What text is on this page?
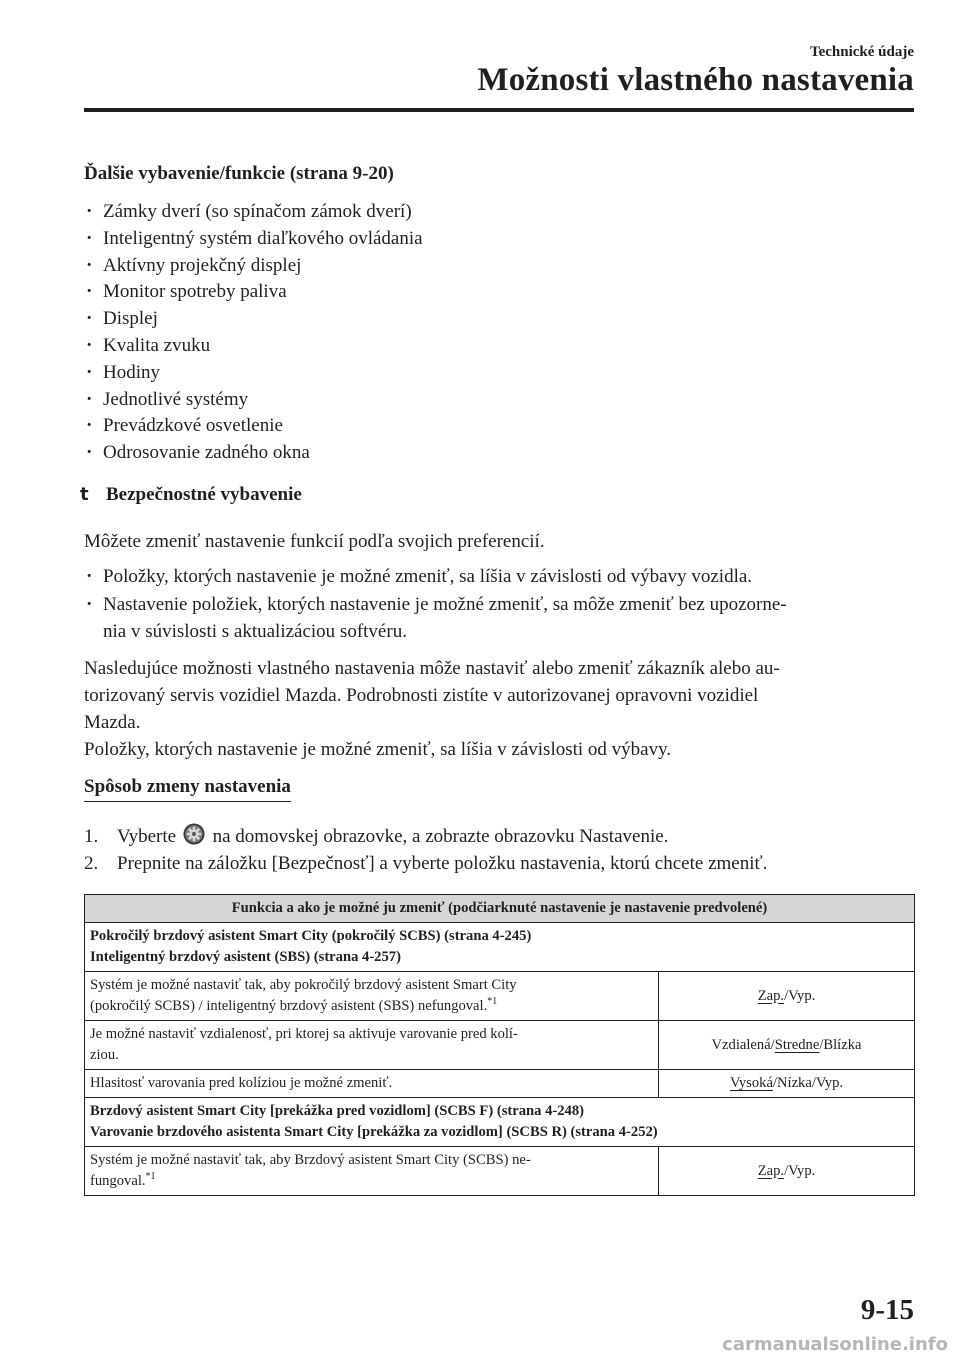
Technické údaje
Možnosti vlastného nastavenia
Ďalšie vybavenie/funkcie (strana 9-20)
· Zámky dverí (so spínačom zámok dverí)
· Inteligentný systém diaľkového ovládania
· Aktívny projekčný displej
· Monitor spotreby paliva
· Displej
· Kvalita zvuku
· Hodiny
· Jednotlivé systémy
· Prevádzkové osvetlenie
· Odrosovanie zadného okna
t Bezpečnostné vybavenie
Môžete zmeniť nastavenie funkcií podľa svojich preferencií.
· Položky, ktorých nastavenie je možné zmeniť, sa líšia v závislosti od výbavy vozidla.
· Nastavenie položiek, ktorých nastavenie je možné zmeniť, sa môže zmeniť bez upozorne-
nia v súvislosti s aktualizáciou softvéru.
Nasledujúce možnosti vlastného nastavenia môže nastaviť alebo zmeniť zákazník alebo au-
torizovaný servis vozidiel Mazda. Podrobnosti zistíte v autorizovanej opravovni vozidiel
Mazda.
Položky, ktorých nastavenie je možné zmeniť, sa líšia v závislosti od výbavy.
Spôsob zmeny nastavenia
1. Vyberte na domovskej obrazovke, a zobrazte obrazovku Nastavenie.
2. Prepnite na záložku [Bezpečnosť] a vyberte položku nastavenia, ktorú chcete zmeniť.
Funkcia a ako je možné ju zmeniť (podčiarknuté nastavenie je nastavenie predvolené)	
Pokročilý brzdový asistent Smart City (pokročilý SCBS) (strana 4-245)
Inteligentný brzdový asistent (SBS) (strana 4-257)	
Systém je možné nastaviť tak, aby pokročilý brzdový asistent Smart City
(pokročilý SCBS) / inteligentný brzdový asistent (SBS) nefungoval.$^{*1}$	Zap./Vyp.
Je možné nastaviť vzdialenosť, pri ktorej sa aktivuje varovanie pred kolí-
ziou.	Vzdialená/Stredne/Blízka
Hlasitosť varovania pred kolíziou je možné zmeniť.	Vysoká/Nízka/Vyp.
Brzdový asistent Smart City [prekážka pred vozidlom] (SCBS F) (strana 4-248)
Varovanie brzdového asistenta Smart City [prekážka za vozidlom] (SCBS R) (strana 4-252)	
Systém je možné nastaviť tak, aby Brzdový asistent Smart City (SCBS) ne-
fungoval.$^{*1}$	Zap./Vyp.
9-15
carmanualsonline.info
